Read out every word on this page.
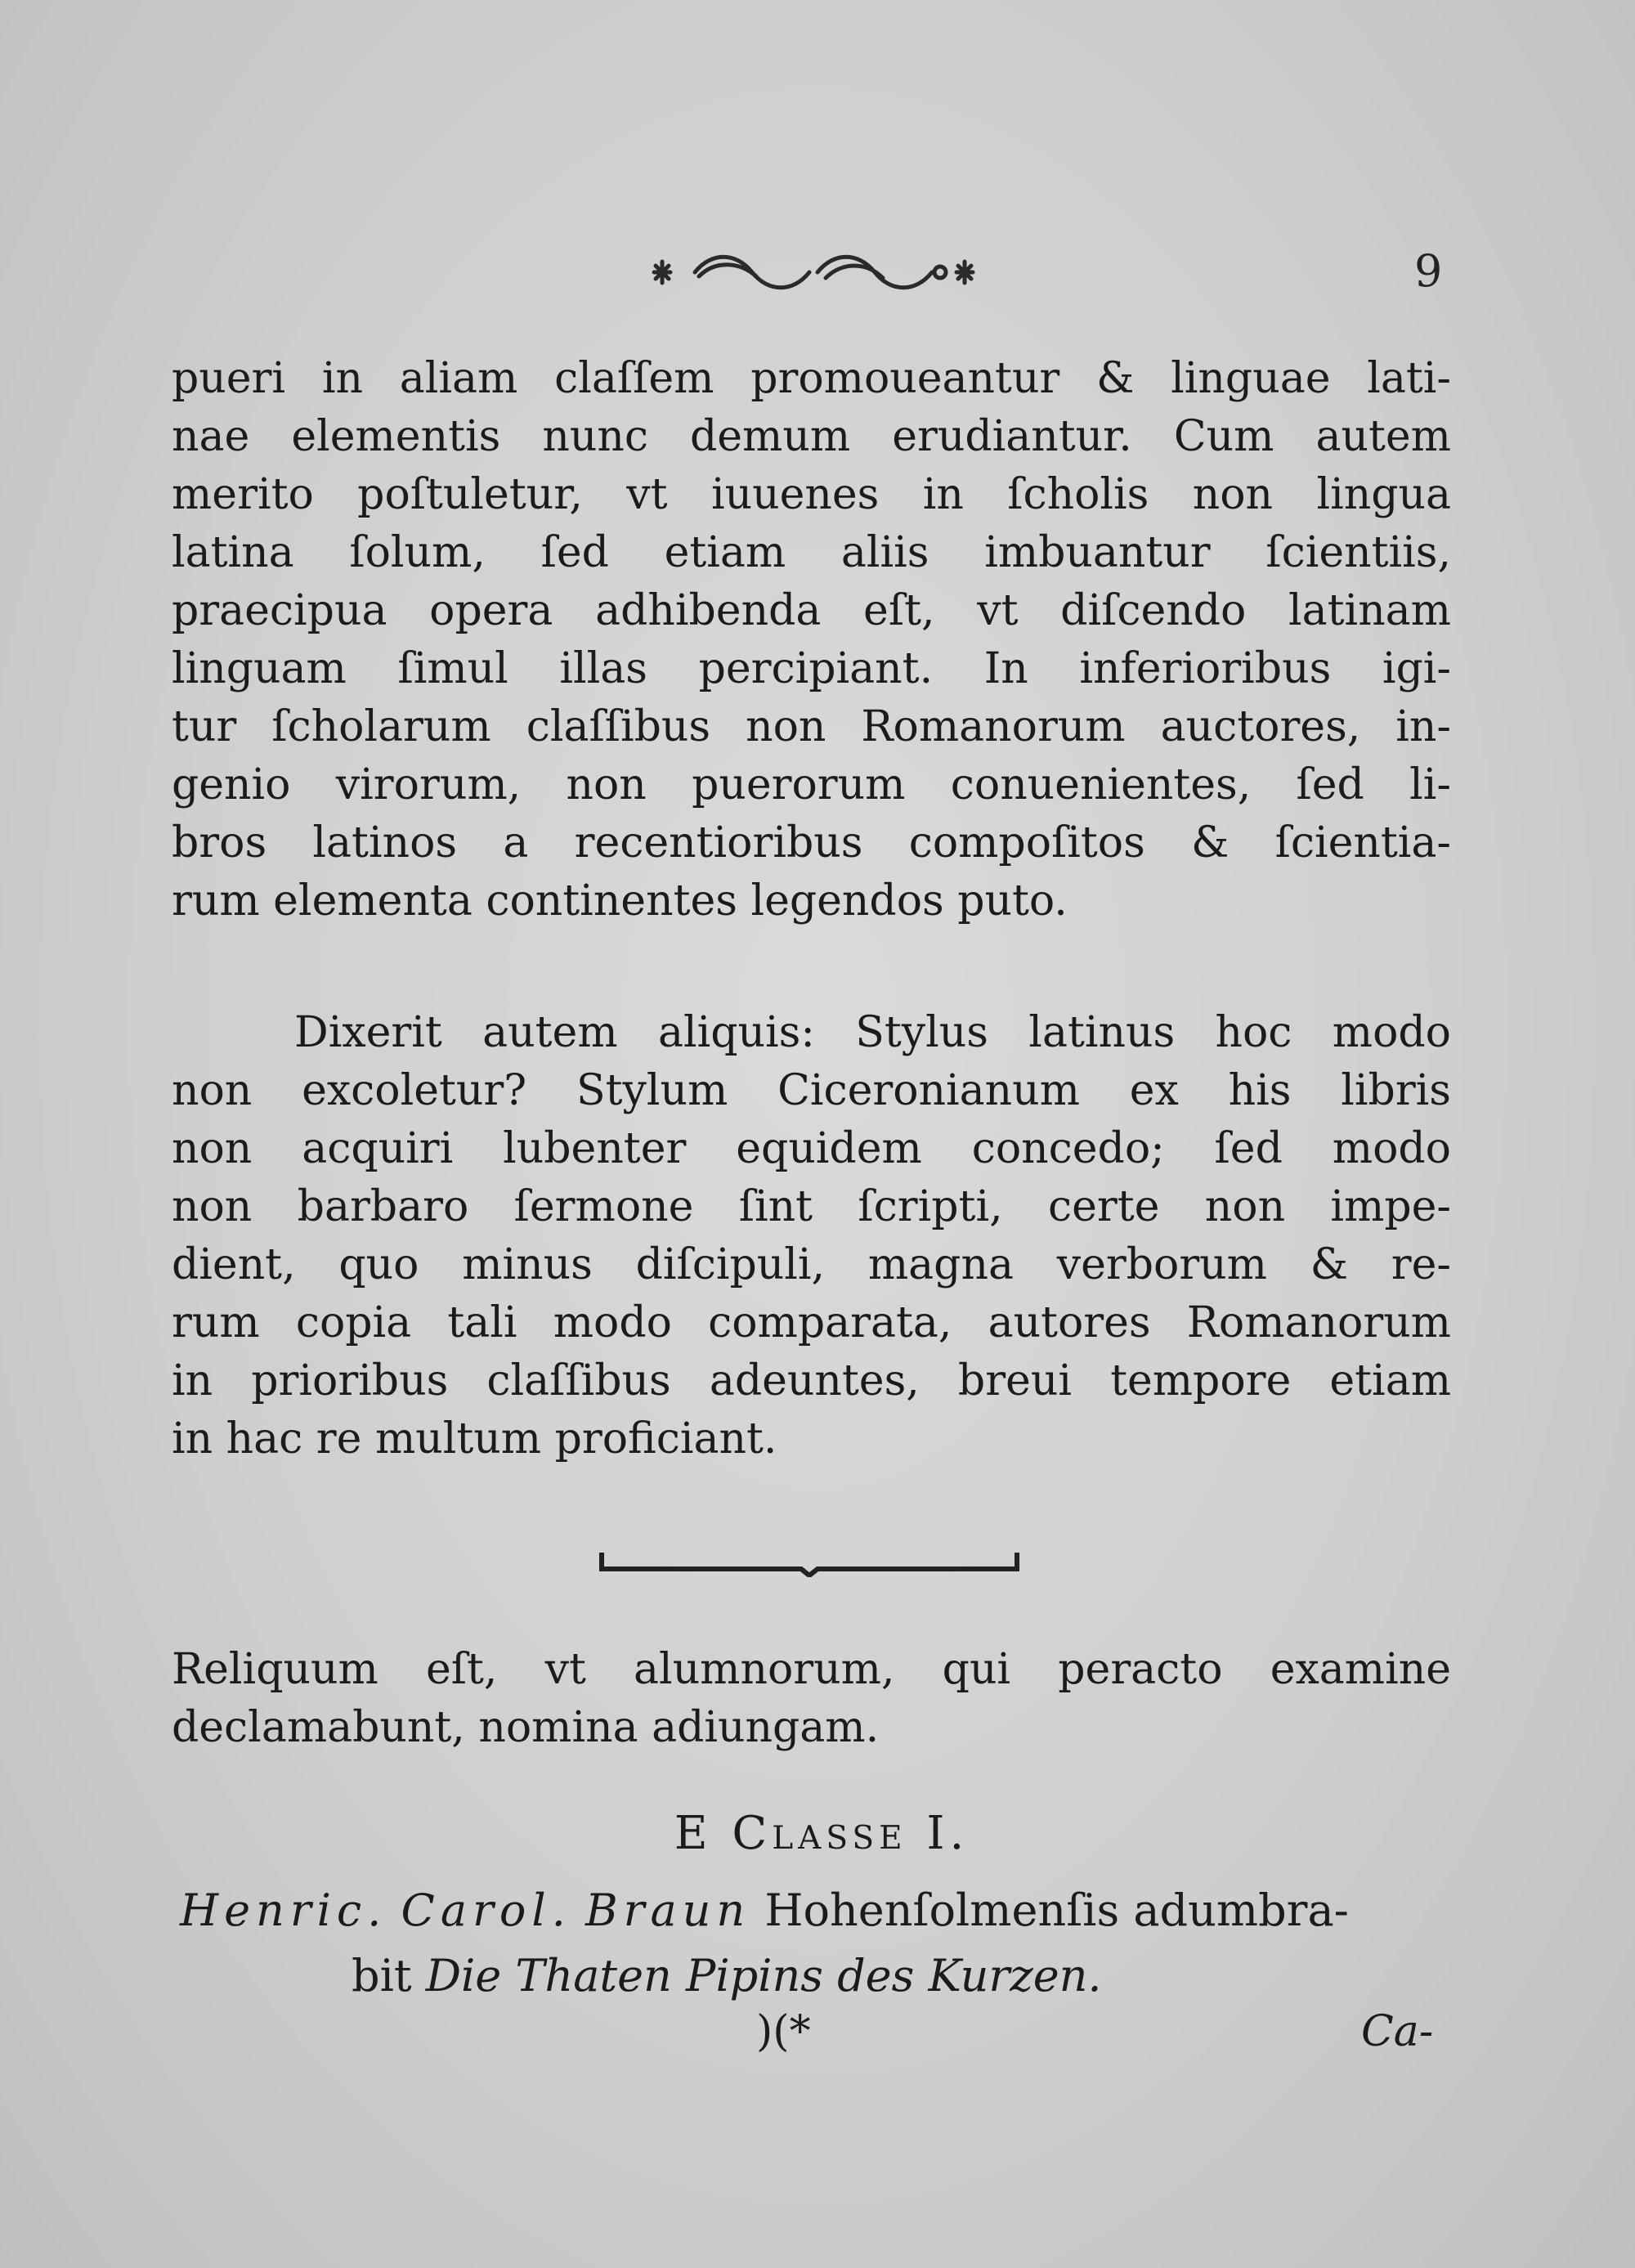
9
pueri in aliam claſſem promoueantur & linguae lati-
nae elementis nunc demum erudiantur. Cum autem
merito poſtuletur, vt iuuenes in ſcholis non lingua
latina ſolum, ſed etiam aliis imbuantur ſcientiis,
praecipua opera adhibenda eſt, vt diſcendo latinam
linguam ſimul illas percipiant. In inferioribus igi-
tur ſcholarum claſſibus non Romanorum auctores, in-
genio virorum, non puerorum conuenientes, ſed li-
bros latinos a recentioribus compoſitos & ſcientia-
rum elementa continentes legendos puto.
Dixerit autem aliquis: Stylus latinus hoc modo
non excoletur? Stylum Ciceronianum ex his libris
non acquiri lubenter equidem concedo; ſed modo
non barbaro ſermone ſint ſcripti, certe non impe-
dient, quo minus diſcipuli, magna verborum & re-
rum copia tali modo comparata, autores Romanorum
in prioribus claſſibus adeuntes, breui tempore etiam
in hac re multum proficiant.
Reliquum eſt, vt alumnorum, qui peracto examine
declamabunt, nomina adiungam.
E Classe I.
Henric. Carol. Braun Hohenſolmenſis adumbra-
bit Die Thaten Pipins des Kurzen.
)(*	Ca-
